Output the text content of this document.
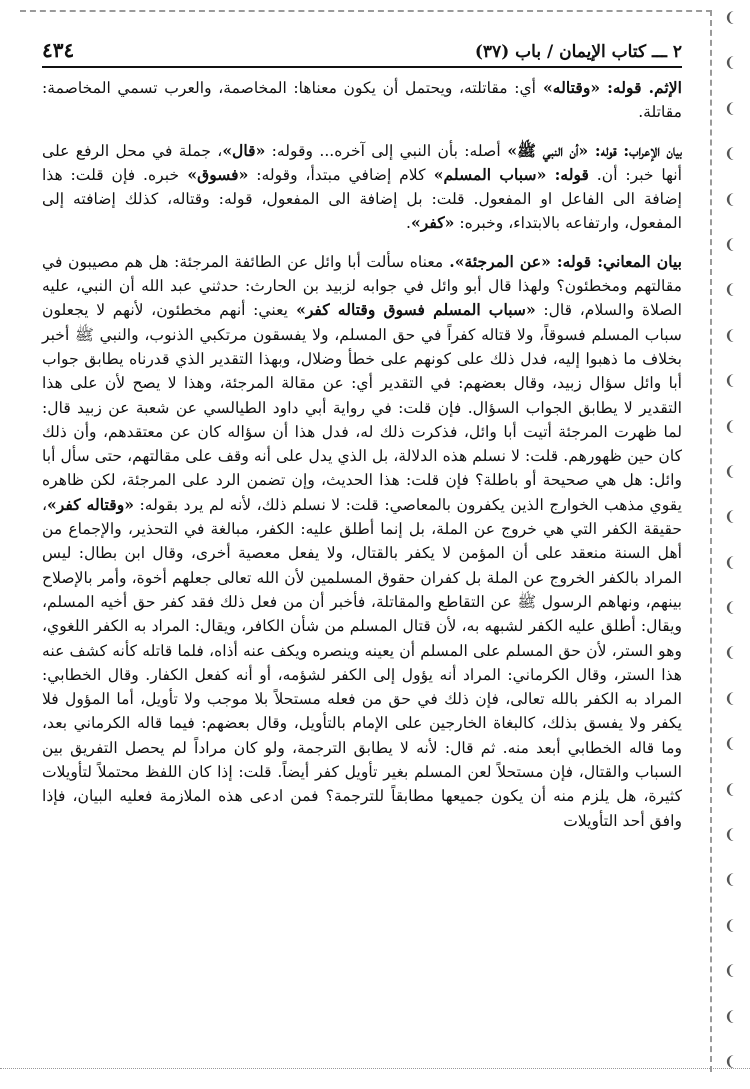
❨
❨
❨
❨
❨
❨
❨
❨
❨
❨
❨
❨
❨
❨
❨
❨
❨
❨
❨
❨
❨
❨
❨
❨
٢ ـــ كتاب الإيمان / باب (٣٧)
٤٣٤

الإثم. قوله: «وقتاله» أي: مقاتلته، ويحتمل أن يكون معناها: المخاصمة، والعرب تسمي المخاصمة: مقاتلة.

بيان الإعراب: قوله: «أن النبي ﷺ» أصله: بأن النبي إلى آخره... وقوله: «قال»، جملة في محل الرفع على أنها خبر: أن. قوله: «سباب المسلم» كلام إضافي مبتدأ، وقوله: «فسوق» خبره. فإن قلت: هذا إضافة الى الفاعل او المفعول. قلت: بل إضافة الى المفعول، قوله: وقتاله، كذلك إضافته إلى المفعول، وارتفاعه بالابتداء، وخبره: «كفر».

بيان المعاني: قوله: «عن المرجئة». معناه سألت أبا وائل عن الطائفة المرجئة: هل هم مصيبون في مقالتهم ومخطئون؟ ولهذا قال أبو وائل في جوابه لزبيد بن الحارث: حدثني عبد الله أن النبي، عليه الصلاة والسلام، قال: «سباب المسلم فسوق وقتاله كفر» يعني: أنهم مخطئون، لأنهم لا يجعلون سباب المسلم فسوقاً، ولا قتاله كفراً في حق المسلم، ولا يفسقون مرتكبي الذنوب، والنبي ﷺ أخبر بخلاف ما ذهبوا إليه، فدل ذلك على كونهم على خطأ وضلال، وبهذا التقدير الذي قدرناه يطابق جواب أبا وائل سؤال زبيد، وقال بعضهم: في التقدير أي: عن مقالة المرجئة، وهذا لا يصح لأن على هذا التقدير لا يطابق الجواب السؤال. فإن قلت: في رواية أبي داود الطيالسي عن شعبة عن زبيد قال: لما ظهرت المرجئة أتيت أبا وائل، فذكرت ذلك له، فدل هذا أن سؤاله كان عن معتقدهم، وأن ذلك كان حين ظهورهم. قلت: لا نسلم هذه الدلالة، بل الذي يدل على أنه وقف على مقالتهم، حتى سأل أبا وائل: هل هي صحيحة أو باطلة؟ فإن قلت: هذا الحديث، وإن تضمن الرد على المرجئة، لكن ظاهره يقوي مذهب الخوارج الذين يكفرون بالمعاصي: قلت: لا نسلم ذلك، لأنه لم يرد بقوله: «وقتاله كفر»، حقيقة الكفر التي هي خروج عن الملة، بل إنما أطلق عليه: الكفر، مبالغة في التحذير، والإجماع من أهل السنة منعقد على أن المؤمن لا يكفر بالقتال، ولا يفعل معصية أخرى، وقال ابن بطال: ليس المراد بالكفر الخروج عن الملة بل كفران حقوق المسلمين لأن الله تعالى جعلهم أخوة، وأمر بالإصلاح بينهم، ونهاهم الرسول ﷺ عن التقاطع والمقاتلة، فأخبر أن من فعل ذلك فقد كفر حق أخيه المسلم، ويقال: أطلق عليه الكفر لشبهه به، لأن قتال المسلم من شأن الكافر، ويقال: المراد به الكفر اللغوي، وهو الستر، لأن حق المسلم على المسلم أن يعينه وينصره ويكف عنه أذاه، فلما قاتله كأنه كشف عنه هذا الستر، وقال الكرماني: المراد أنه يؤول إلى الكفر لشؤمه، أو أنه كفعل الكفار. وقال الخطابي: المراد به الكفر بالله تعالى، فإن ذلك في حق من فعله مستحلاً بلا موجب ولا تأويل، أما المؤول فلا يكفر ولا يفسق بذلك، كالبغاة الخارجين على الإمام بالتأويل، وقال بعضهم: فيما قاله الكرماني بعد، وما قاله الخطابي أبعد منه. ثم قال: لأنه لا يطابق الترجمة، ولو كان مراداً لم يحصل التفريق بين السباب والقتال، فإن مستحلاً لعن المسلم بغير تأويل كفر أيضاً. قلت: إذا كان اللفظ محتملاً لتأويلات كثيرة، هل يلزم منه أن يكون جميعها مطابقاً للترجمة؟ فمن ادعى هذه الملازمة فعليه البيان، فإذا وافق أحد التأويلات
